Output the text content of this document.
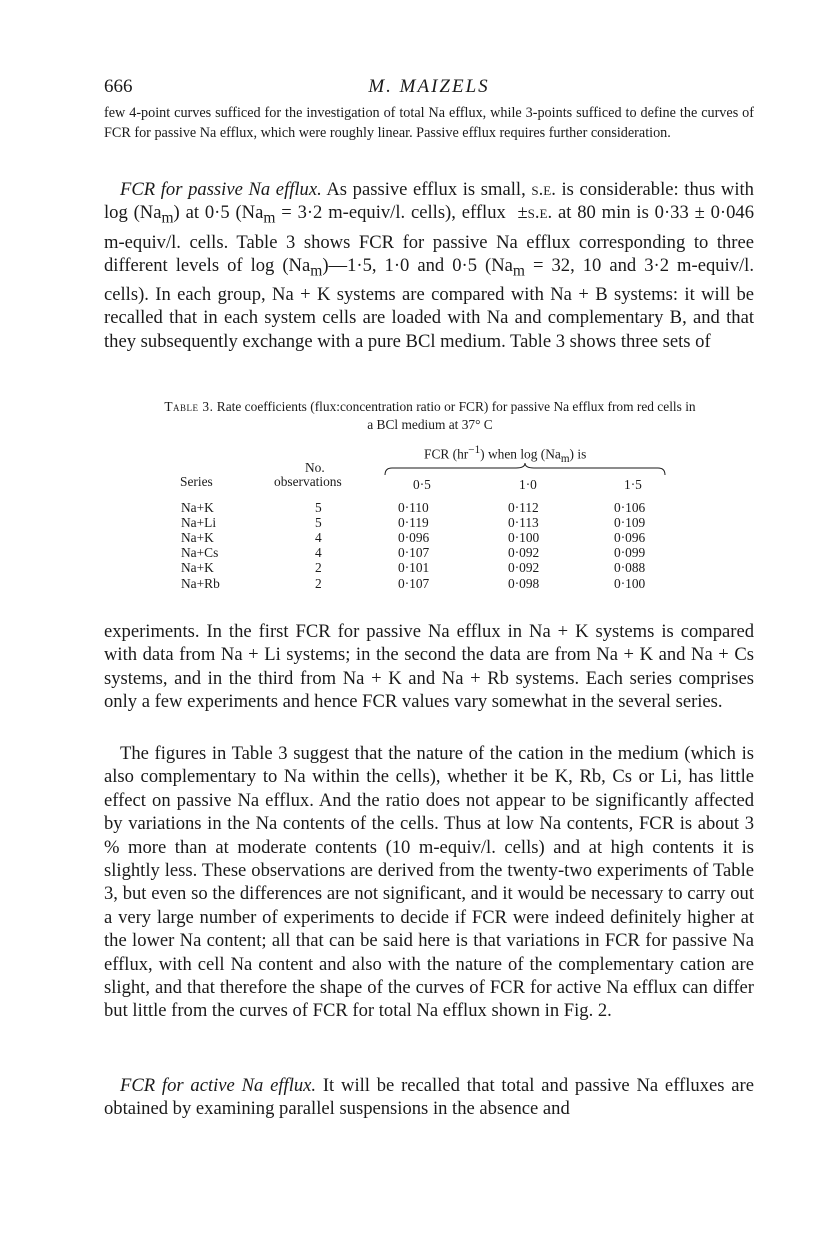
666	M. MAIZELS
few 4-point curves sufficed for the investigation of total Na efflux, while 3-points sufficed to define the curves of FCR for passive Na efflux, which were roughly linear. Passive efflux requires further consideration.
FCR for passive Na efflux. As passive efflux is small, s.e. is considerable: thus with $\log (Na_m)$ at 0·5 ($Na_m = 3\cdot 2$ m-equiv/l. cells), efflux  ±s.e. at 80 min is 0·33 ± 0·046 m-equiv/l. cells. Table 3 shows FCR for passive Na efflux corresponding to three different levels of $\log (Na_m)—1\cdot 5$, 1·0 and 0·5 ($Na_m = 32$, 10 and 3·2 m-equiv/l. cells). In each group, Na + K systems are compared with Na + B systems: it will be recalled that in each system cells are loaded with Na and complementary B, and that they subsequently exchange with a pure BCl medium. Table 3 shows three sets of
Table 3. Rate coefficients (flux:concentration ratio or FCR) for passive Na efflux from red cells in a BCl medium at 37° C
Series
No.
observations
FCR $(hr^{-1})$ when $\log (Na_m)$ is
0·5	1·0	1·5
Na+K	5	0·110	0·112	0·106
Na+Li	5	0·119	0·113	0·109
Na+K	4	0·096	0·100	0·096
Na+Cs	4	0·107	0·092	0·099
Na+K	2	0·101	0·092	0·088
Na+Rb	2	0·107	0·098	0·100
experiments. In the first FCR for passive Na efflux in Na + K systems is compared with data from Na + Li systems; in the second the data are from Na + K and Na + Cs systems, and in the third from Na + K and Na + Rb systems. Each series comprises only a few experiments and hence FCR values vary somewhat in the several series.
The figures in Table 3 suggest that the nature of the cation in the medium (which is also complementary to Na within the cells), whether it be K, Rb, Cs or Li, has little effect on passive Na efflux. And the ratio does not appear to be significantly affected by variations in the Na contents of the cells. Thus at low Na contents, FCR is about 3 % more than at moderate contents (10 m-equiv/l. cells) and at high contents it is slightly less. These observations are derived from the twenty-two experiments of Table 3, but even so the differences are not significant, and it would be necessary to carry out a very large number of experiments to decide if FCR were indeed definitely higher at the lower Na content; all that can be said here is that variations in FCR for passive Na efflux, with cell Na content and also with the nature of the complementary cation are slight, and that therefore the shape of the curves of FCR for active Na efflux can differ but little from the curves of FCR for total Na efflux shown in Fig. 2.
FCR for active Na efflux. It will be recalled that total and passive Na effluxes are obtained by examining parallel suspensions in the absence and
